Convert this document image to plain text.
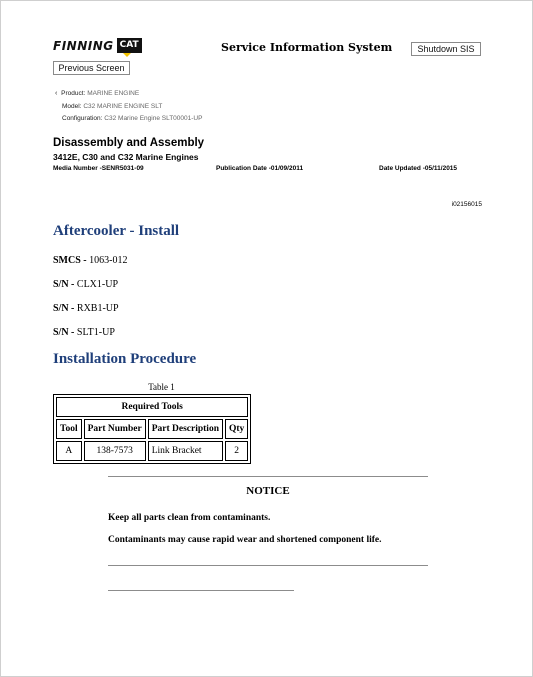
FINNING CAT	Service Information System	Shutdown SIS
Previous Screen
‹ Product: MARINE ENGINE
Model: C32 MARINE ENGINE SLT
Configuration: C32 Marine Engine SLT00001-UP
Disassembly and Assembly
3412E, C30 and C32 Marine Engines
Media Number -SENR5031-09	Publication Date -01/09/2011	Date Updated -05/11/2015
i02156015
Aftercooler - Install
SMCS - 1063-012
S/N - CLX1-UP
S/N - RXB1-UP
S/N - SLT1-UP
Installation Procedure
Table 1
Required Tools			
Tool	Part Number	Part Description	Qty
A	138-7573	Link Bracket	2
NOTICE
Keep all parts clean from contaminants.
Contaminants may cause rapid wear and shortened component life.
